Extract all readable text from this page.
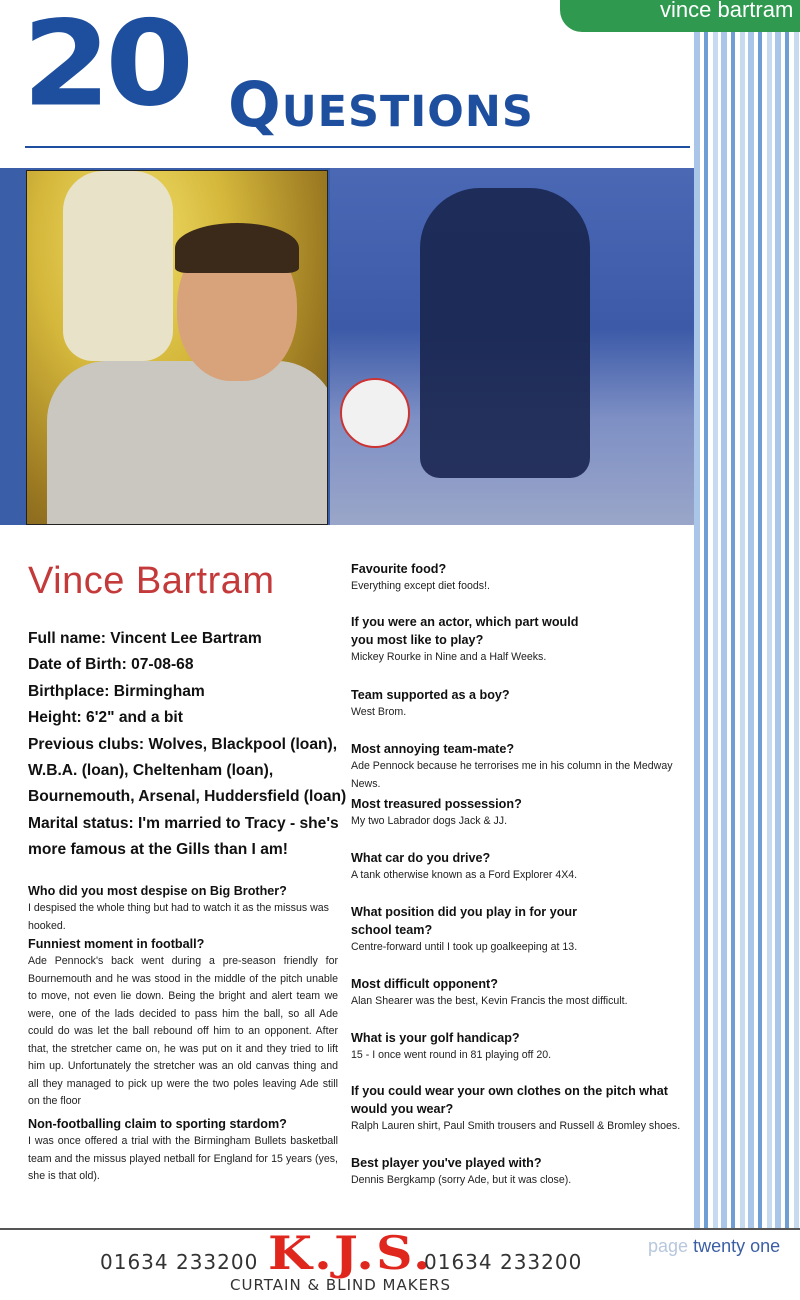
vince bartram
20 Questions
Vince Bartram
Full name: Vincent Lee Bartram
Date of Birth: 07-08-68
Birthplace: Birmingham
Height: 6'2" and a bit
Previous clubs: Wolves, Blackpool (loan),
W.B.A. (loan), Cheltenham (loan),
Bournemouth, Arsenal, Huddersfield (loan)
Marital status: I'm married to Tracy - she's
more famous at the Gills than I am!
Who did you most despise on Big Brother?
I despised the whole thing but had to watch it as the missus was hooked.
Funniest moment in football?
Ade Pennock's back went during a pre-season friendly for Bournemouth and he was stood in the middle of the pitch unable to move, not even lie down. Being the bright and alert team we were, one of the lads decided to pass him the ball, so all Ade could do was let the ball rebound off him to an opponent. After that, the stretcher came on, he was put on it and they tried to lift him up. Unfortunately the stretcher was an old canvas thing and all they managed to pick up were the two poles leaving Ade still on the floor
Non-footballing claim to sporting stardom?
I was once offered a trial with the Birmingham Bullets basketball team and the missus played netball for England for 15 years (yes, she is that old).
Favourite food?
Everything except diet foods!.
If you were an actor, which part would you most like to play?
Mickey Rourke in Nine and a Half Weeks.
Team supported as a boy?
West Brom.
Most annoying team-mate?
Ade Pennock because he terrorises me in his column in the Medway News.
Most treasured possession?
My two Labrador dogs Jack & JJ.
What car do you drive?
A tank otherwise known as a Ford Explorer 4X4.
What position did you play in for your school team?
Centre-forward until I took up goalkeeping at 13.
Most difficult opponent?
Alan Shearer was the best, Kevin Francis the most difficult.
What is your golf handicap?
15 - I once went round in 81 playing off 20.
If you could wear your own clothes on the pitch what would you wear?
Ralph Lauren shirt, Paul Smith trousers and Russell & Bromley shoes.
Best player you've played with?
Dennis Bergkamp (sorry Ade, but it was close).
01634 233200 K.J.S.
01634 233200
CURTAIN & BLIND MAKERS
page twenty one
